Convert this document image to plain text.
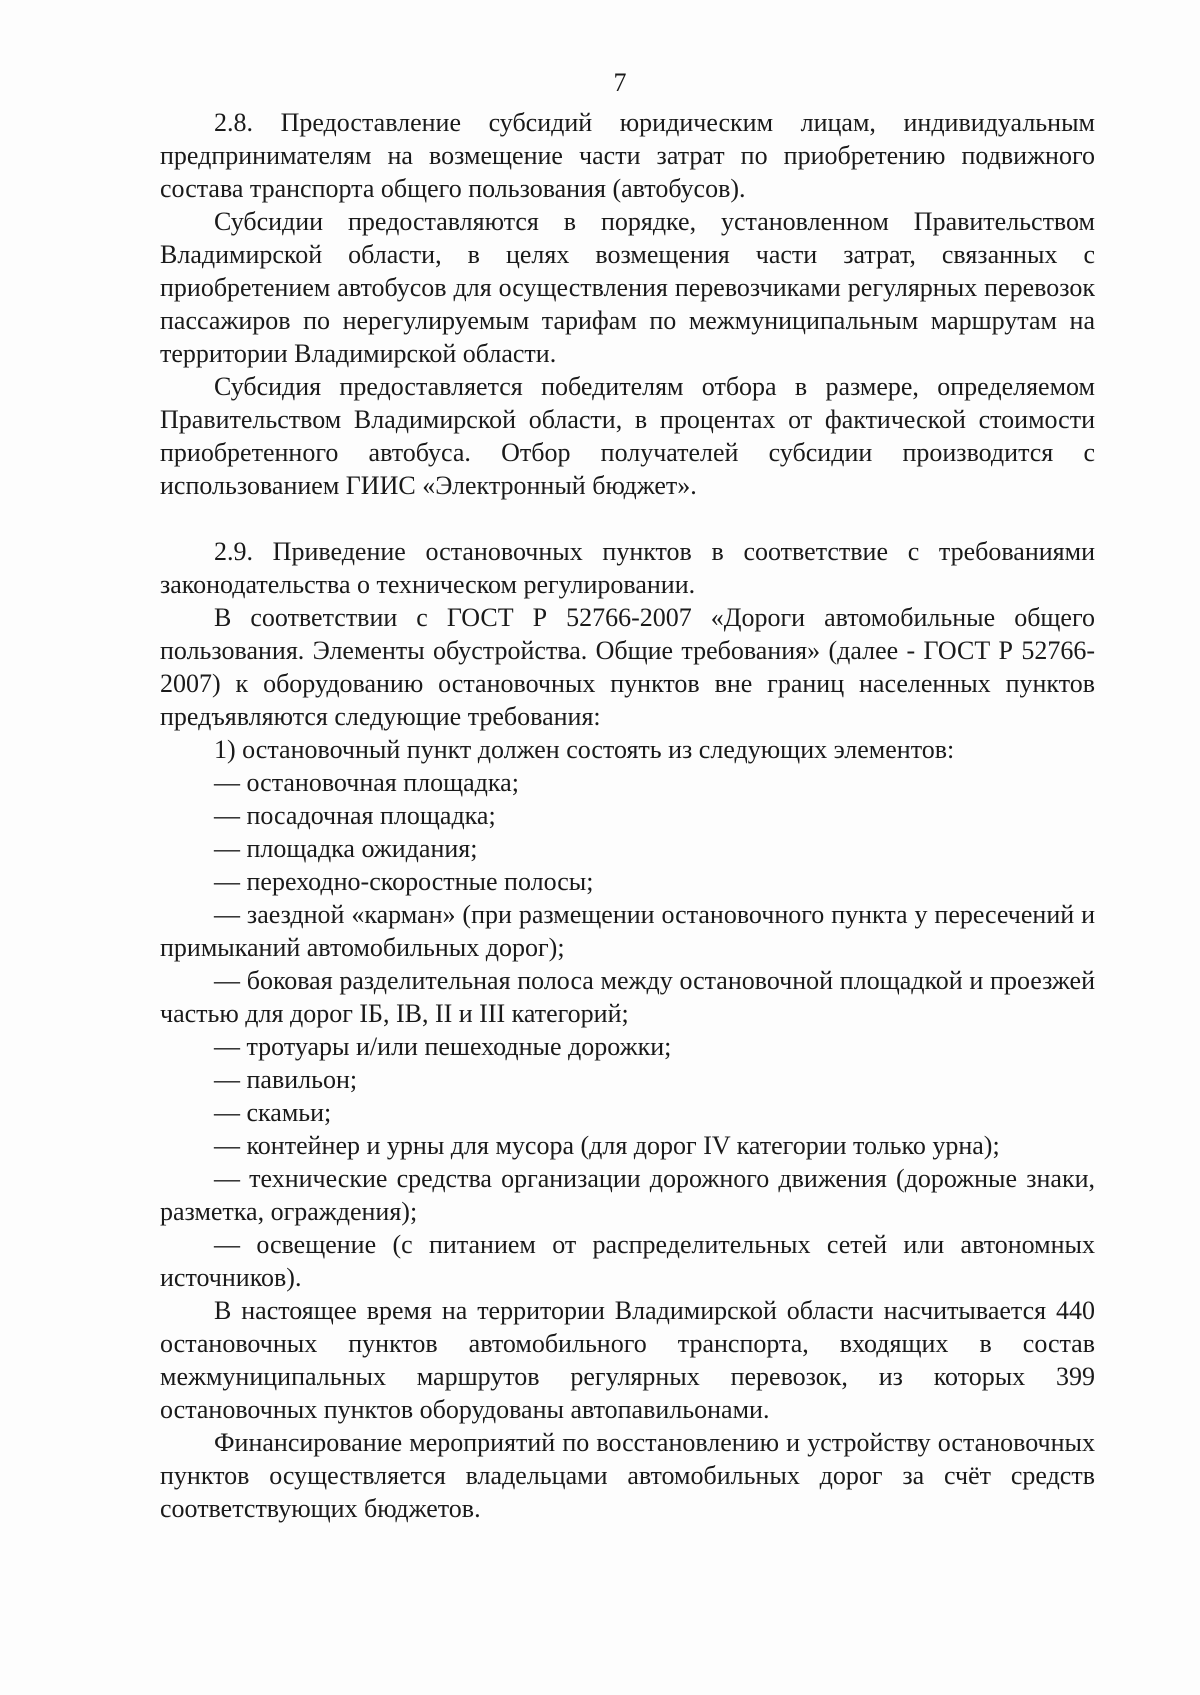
7

2.8. Предоставление субсидий юридическим лицам, индивидуальным предпринимателям на возмещение части затрат по приобретению подвижного состава транспорта общего пользования (автобусов).

Субсидии предоставляются в порядке, установленном Правительством Владимирской области, в целях возмещения части затрат, связанных с приобретением автобусов для осуществления перевозчиками регулярных перевозок пассажиров по нерегулируемым тарифам по межмуниципальным маршрутам на территории Владимирской области.

Субсидия предоставляется победителям отбора в размере, определяемом Правительством Владимирской области, в процентах от фактической стоимости приобретенного автобуса. Отбор получателей субсидии производится с использованием ГИИС «Электронный бюджет».

2.9. Приведение остановочных пунктов в соответствие с требованиями законодательства о техническом регулировании.

В соответствии с ГОСТ Р 52766-2007 «Дороги автомобильные общего пользования. Элементы обустройства. Общие требования» (далее - ГОСТ Р 52766-2007) к оборудованию остановочных пунктов вне границ населенных пунктов предъявляются следующие требования:

1) остановочный пункт должен состоять из следующих элементов:

— остановочная площадка;

— посадочная площадка;

— площадка ожидания;

— переходно-скоростные полосы;

— заездной «карман» (при размещении остановочного пункта у пересечений и примыканий автомобильных дорог);

— боковая разделительная полоса между остановочной площадкой и проезжей частью для дорог IБ, IВ, II и III категорий;

— тротуары и/или пешеходные дорожки;

— павильон;

— скамьи;

— контейнер и урны для мусора (для дорог IV категории только урна);

— технические средства организации дорожного движения (дорожные знаки, разметка, ограждения);

— освещение (с питанием от распределительных сетей или автономных источников).

В настоящее время на территории Владимирской области насчитывается 440 остановочных пунктов автомобильного транспорта, входящих в состав межмуниципальных маршрутов регулярных перевозок, из которых 399 остановочных пунктов оборудованы автопавильонами.

Финансирование мероприятий по восстановлению и устройству остановочных пунктов осуществляется владельцами автомобильных дорог за счёт средств соответствующих бюджетов.
